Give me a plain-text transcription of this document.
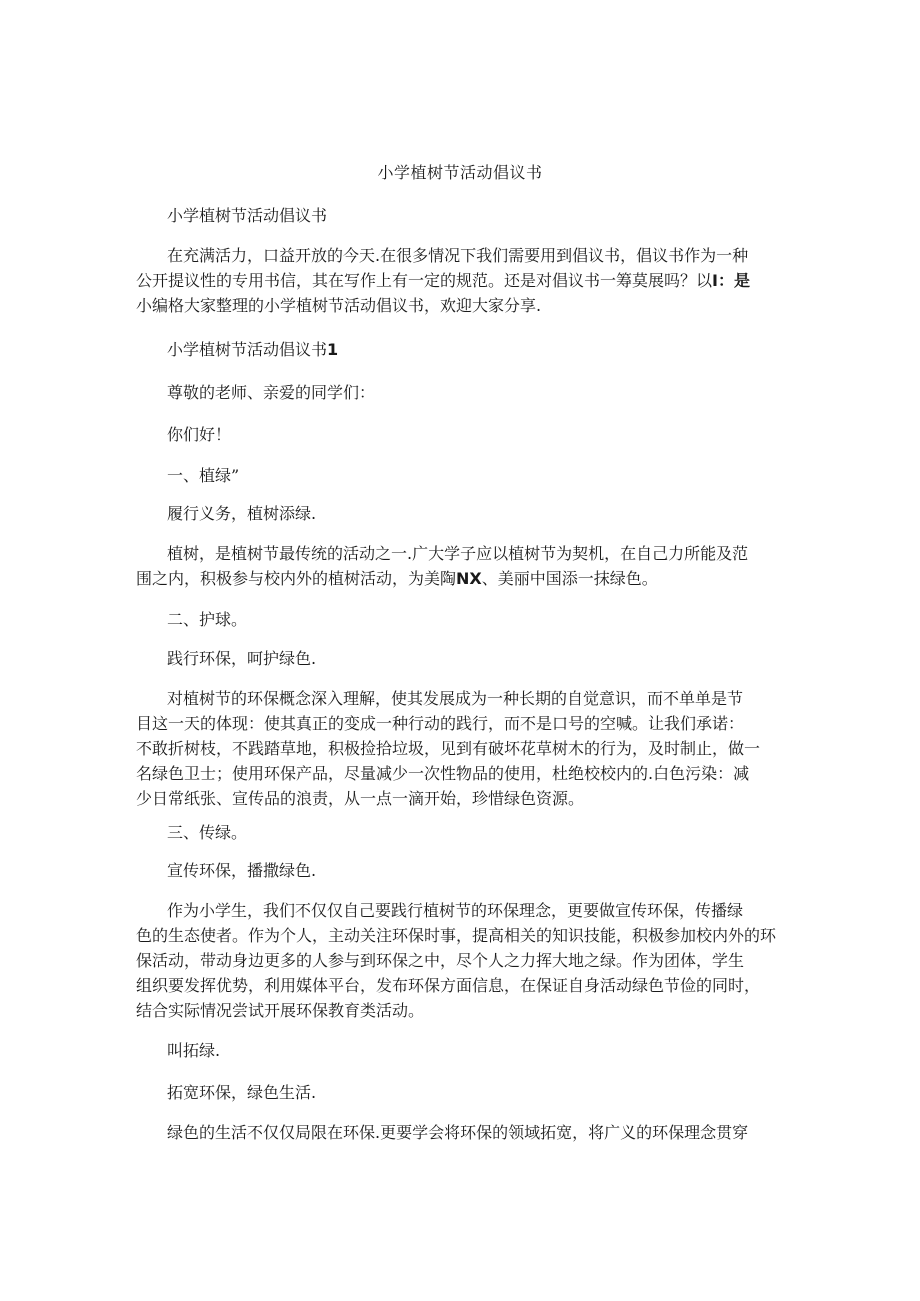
小学植树节活动倡议书
小学植树节活动倡议书
在充满活力，口益开放的今天.在很多情况下我们需要用到倡议书，倡议书作为一种
公开提议性的专用书信，其在写作上有一定的规范。还是对倡议书一筹莫展吗？以I：是
小编格大家整理的小学植树节活动倡议书，欢迎大家分享.
小学植树节活动倡议书1
尊敬的老师、亲爱的同学们：
你们好！
一、植绿”
履行义务，植树添绿.
植树，是植树节最传统的活动之一.广大学子应以植树节为契机，在自己力所能及范
围之内，积极参与校内外的植树活动，为美陶NX、美丽中国添一抹绿色。
二、护球。
践行环保，呵护绿色.
对植树节的环保概念深入理解，使其发展成为一种长期的自觉意识，而不单单是节
目这一天的体现：使其真正的变成一种行动的践行，而不是口号的空喊。让我们承诺：
不敢折树枝，不践踏草地，积极捡拾垃圾，见到有破坏花草树木的行为，及时制止，做一
名绿色卫士；使用环保产品，尽量减少一次性物品的使用，杜绝校校内的.白色污染：减
少日常纸张、宣传品的浪责，从一点一滴开始，珍惜绿色资源。
三、传绿。
宣传环保，播撒绿色.
作为小学生，我们不仅仅自己要践行植树节的环保理念，更要做宣传环保，传播绿
色的生态使者。作为个人，主动关注环保时事，提高相关的知识技能，积极参加校内外的环
保活动，带动身边更多的人参与到环保之中，尽个人之力挥大地之绿。作为团体，学生
组织要发挥优势，利用媒体平台，发布环保方面信息，在保证自身活动绿色节俭的同时，
结合实际情况尝试开展环保教育类活动。
叫拓绿.
拓宽环保，绿色生活.
绿色的生活不仅仅局限在环保.更要学会将环保的领域拓宽，将广义的环保理念贯穿
